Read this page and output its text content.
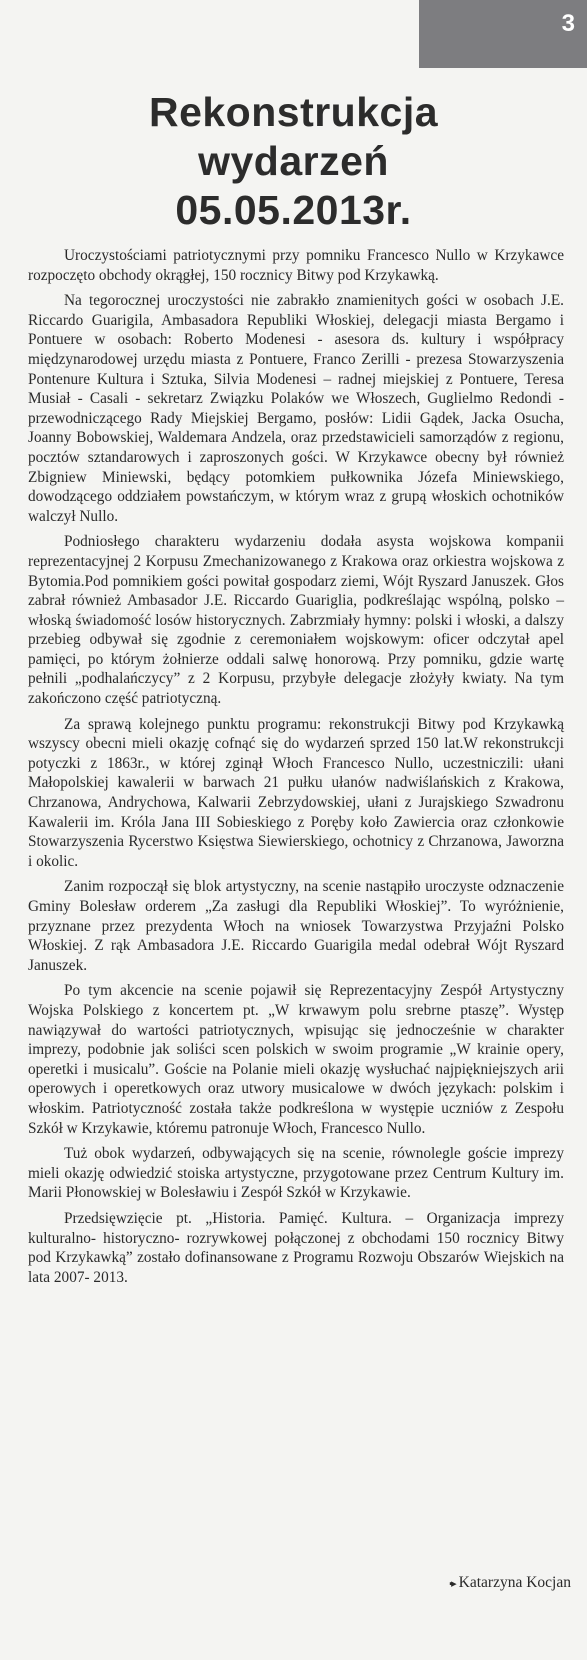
3
Rekonstrukcja
wydarzeń
05.05.2013r.

Uroczystościami patriotycznymi przy pomniku Francesco Nullo w Krzykawce rozpoczęto obchody okrągłej, 150 rocznicy Bitwy pod Krzykawką.

Na tegorocznej uroczystości nie zabrakło znamienitych gości w osobach J.E. Riccardo Guarigila, Ambasadora Republiki Włoskiej, delegacji miasta Bergamo i Pontuere w osobach: Roberto Modenesi - asesora ds. kultury i współpracy międzynarodowej urzędu miasta z Pontuere, Franco Zerilli - prezesa Stowarzyszenia Pontenure Kultura i Sztuka, Silvia Modenesi – radnej miejskiej z Pontuere, Teresa Musiał - Casali - sekretarz Związku Polaków we Włoszech, Guglielmo Redondi - przewodniczącego Rady Miejskiej Bergamo, posłów: Lidii Gądek, Jacka Osucha, Joanny Bobowskiej, Waldemara Andzela, oraz przedstawicieli samorządów z regionu, pocztów sztandarowych i zaproszonych gości. W Krzykawce obecny był również Zbigniew Miniewski, będący potomkiem pułkownika Józefa Miniewskiego, dowodzącego oddziałem powstańczym, w którym wraz z grupą włoskich ochotników walczył Nullo.

Podniosłego charakteru wydarzeniu dodała asysta wojskowa kompanii reprezentacyjnej 2 Korpusu Zmechanizowanego z Krakowa oraz orkiestra wojskowa z Bytomia.Pod pomnikiem gości powitał gospodarz ziemi, Wójt Ryszard Januszek. Głos zabrał również Ambasador J.E. Riccardo Guariglia, podkreślając wspólną, polsko – włoską świadomość losów historycznych. Zabrzmiały hymny: polski i włoski, a dalszy przebieg odbywał się zgodnie z ceremoniałem wojskowym: oficer odczytał apel pamięci, po którym żołnierze oddali salwę honorową. Przy pomniku, gdzie wartę pełnili „podhalańczycy” z 2 Korpusu, przybyłe delegacje złożyły kwiaty. Na tym zakończono część patriotyczną.

Za sprawą kolejnego punktu programu: rekonstrukcji Bitwy pod Krzykawką wszyscy obecni mieli okazję cofnąć się do wydarzeń sprzed 150 lat.W rekonstrukcji potyczki z 1863r., w której zginął Włoch Francesco Nullo, uczestniczili: ułani Małopolskiej kawalerii w barwach 21 pułku ułanów nadwiślańskich z Krakowa, Chrzanowa, Andrychowa, Kalwarii Zebrzydowskiej, ułani z Jurajskiego Szwadronu Kawalerii im. Króla Jana III Sobieskiego z Poręby koło Zawiercia oraz członkowie Stowarzyszenia Rycerstwo Księstwa Siewierskiego, ochotnicy z Chrzanowa, Jaworzna i okolic.

Zanim rozpoczął się blok artystyczny, na scenie nastąpiło uroczyste odznaczenie Gminy Bolesław orderem „Za zasługi dla Republiki Włoskiej”. To wyróżnienie, przyznane przez prezydenta Włoch na wniosek Towarzystwa Przyjaźni Polsko Włoskiej. Z rąk Ambasadora J.E. Riccardo Guarigila medal odebrał Wójt Ryszard Januszek.

Po tym akcencie na scenie pojawił się Reprezentacyjny Zespół Artystyczny Wojska Polskiego z koncertem pt. „W krwawym polu srebrne ptaszę”. Występ nawiązywał do wartości patriotycznych, wpisując się jednocześnie w charakter imprezy, podobnie jak soliści scen polskich w swoim programie „W krainie opery, operetki i musicalu”. Goście na Polanie mieli okazję wysłuchać najpiękniejszych arii operowych i operetkowych oraz utwory musicalowe w dwóch językach: polskim i włoskim. Patriotyczność została także podkreślona w występie uczniów z Zespołu Szkół w Krzykawie, któremu patronuje Włoch, Francesco Nullo.

Tuż obok wydarzeń, odbywających się na scenie, równolegle goście imprezy mieli okazję odwiedzić stoiska artystyczne, przygotowane przez Centrum Kultury im. Marii Płonowskiej w Bolesławiu i Zespół Szkół w Krzykawie.

Przedsięwzięcie pt. „Historia. Pamięć. Kultura. – Organizacja imprezy kulturalno- historyczno- rozrywkowej połączonej z obchodami 150 rocznicy Bitwy pod Krzykawką” zostało dofinansowane z Programu Rozwoju Obszarów Wiejskich na lata 2007- 2013.

▪▸ Katarzyna Kocjan
